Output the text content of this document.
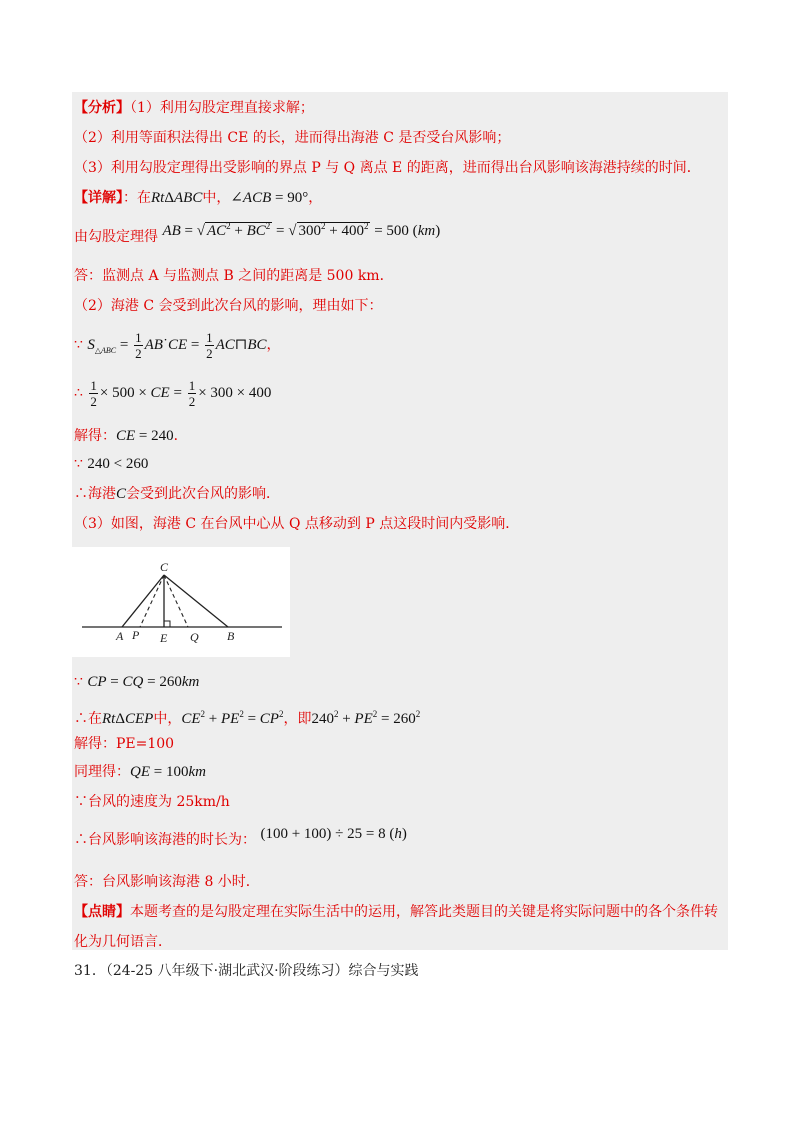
【分析】（1）利用勾股定理直接求解；
（2）利用等面积法得出 CE 的长，进而得出海港 C 是否受台风影响；
（3）利用勾股定理得出受影响的界点 P 与 Q 离点 E 的距离，进而得出台风影响该海港持续的时间．
【详解】：在RtΔABC中，∠ACB = 90°，
由勾股定理得 AB = √ $AC^2 + BC^2$ = √ $300^2 + 400^2 = 500$ (km)
答：监测点 A 与监测点 B 之间的距离是 500 km．
（2）海港 C 会受到此次台风的影响，理由如下：
∵ $S_{\triangle ABC} = \frac{1}{2}$ AB˙CE = $\frac{1}{2}$ AC⊓BC，
∴ $\frac{1}{2} \times 500$ × CE = $\frac{1}{2} \times 300 \times 400$
解得：CE = 240．
∵ 240 < 260
∴海港C会受到此次台风的影响．
（3）如图，海港 C 在台风中心从 Q 点移动到 P 点这段时间内受影响．
C
A P E Q B
∵ CP = CQ = 260km
∴在RtΔCEP中，$CE^2 + PE^2 = CP^2$，即$240^2 + PE^2 = 260^2$
解得：PE=100
同理得：QE = 100km
∵台风的速度为 25km/h
∴台风影响该海港的时长为： (100 + 100) ÷ 25 = 8 (h)
答：台风影响该海港 8 小时．
【点睛】本题考查的是勾股定理在实际生活中的运用，解答此类题目的关键是将实际问题中的各个条件转
化为几何语言．
31．（24-25 八年级下·湖北武汉·阶段练习）综合与实践
